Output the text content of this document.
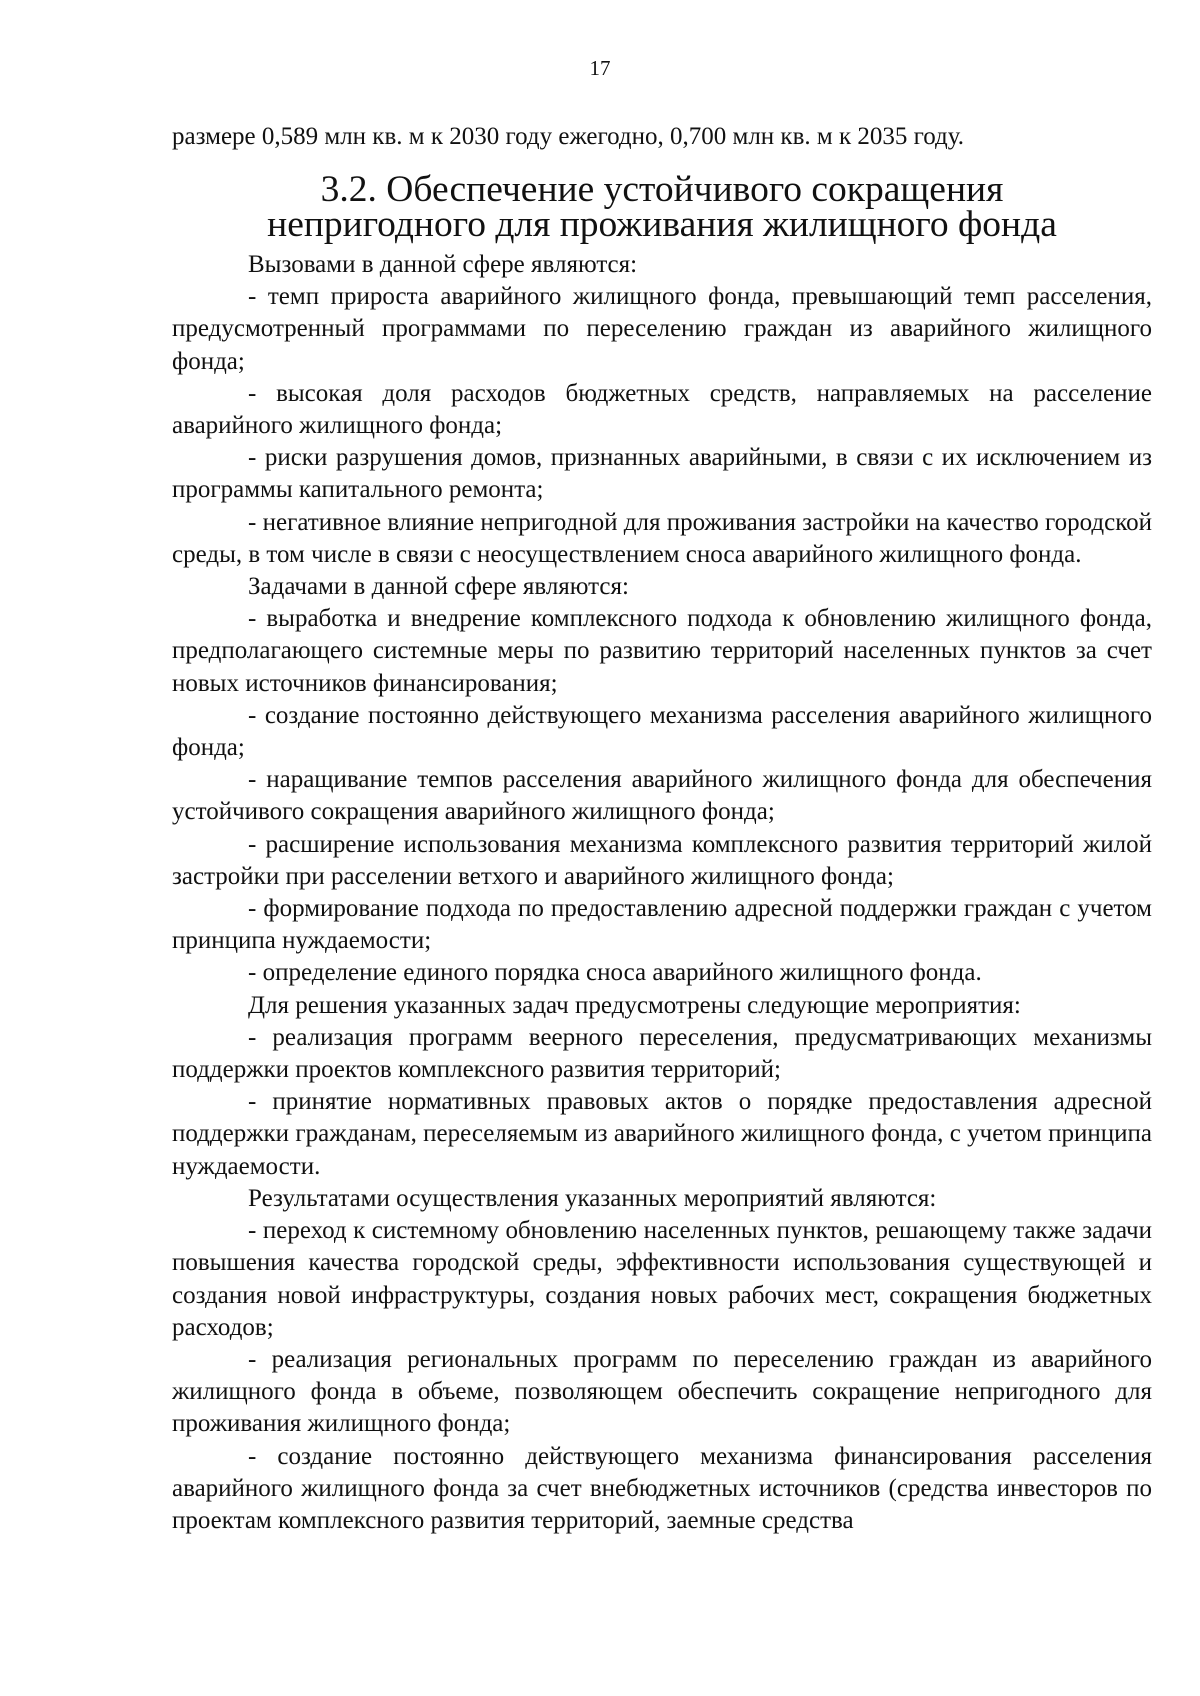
17

размере 0,589 млн кв. м к 2030 году ежегодно, 0,700 млн кв. м к 2035 году.

3.2. Обеспечение устойчивого сокращения
непригодного для проживания жилищного фонда

Вызовами в данной сфере являются:

- темп прироста аварийного жилищного фонда, превышающий темп расселения, предусмотренный программами по переселению граждан из аварийного жилищного фонда;

- высокая доля расходов бюджетных средств, направляемых на расселение аварийного жилищного фонда;

- риски разрушения домов, признанных аварийными, в связи с их исключением из программы капитального ремонта;

- негативное влияние непригодной для проживания застройки на качество городской среды, в том числе в связи с неосуществлением сноса аварийного жилищного фонда.

Задачами в данной сфере являются:

- выработка и внедрение комплексного подхода к обновлению жилищного фонда, предполагающего системные меры по развитию территорий населенных пунктов за счет новых источников финансирования;

- создание постоянно действующего механизма расселения аварийного жилищного фонда;

- наращивание темпов расселения аварийного жилищного фонда для обеспечения устойчивого сокращения аварийного жилищного фонда;

- расширение использования механизма комплексного развития территорий жилой застройки при расселении ветхого и аварийного жилищного фонда;

- формирование подхода по предоставлению адресной поддержки граждан с учетом принципа нуждаемости;

- определение единого порядка сноса аварийного жилищного фонда.

Для решения указанных задач предусмотрены следующие мероприятия:

- реализация программ веерного переселения, предусматривающих механизмы поддержки проектов комплексного развития территорий;

- принятие нормативных правовых актов о порядке предоставления адресной поддержки гражданам, переселяемым из аварийного жилищного фонда, с учетом принципа нуждаемости.

Результатами осуществления указанных мероприятий являются:

- переход к системному обновлению населенных пунктов, решающему также задачи повышения качества городской среды, эффективности использования существующей и создания новой инфраструктуры, создания новых рабочих мест, сокращения бюджетных расходов;

- реализация региональных программ по переселению граждан из аварийного жилищного фонда в объеме, позволяющем обеспечить сокращение непригодного для проживания жилищного фонда;

- создание постоянно действующего механизма финансирования расселения аварийного жилищного фонда за счет внебюджетных источников (средства инвесторов по проектам комплексного развития территорий, заемные средства
